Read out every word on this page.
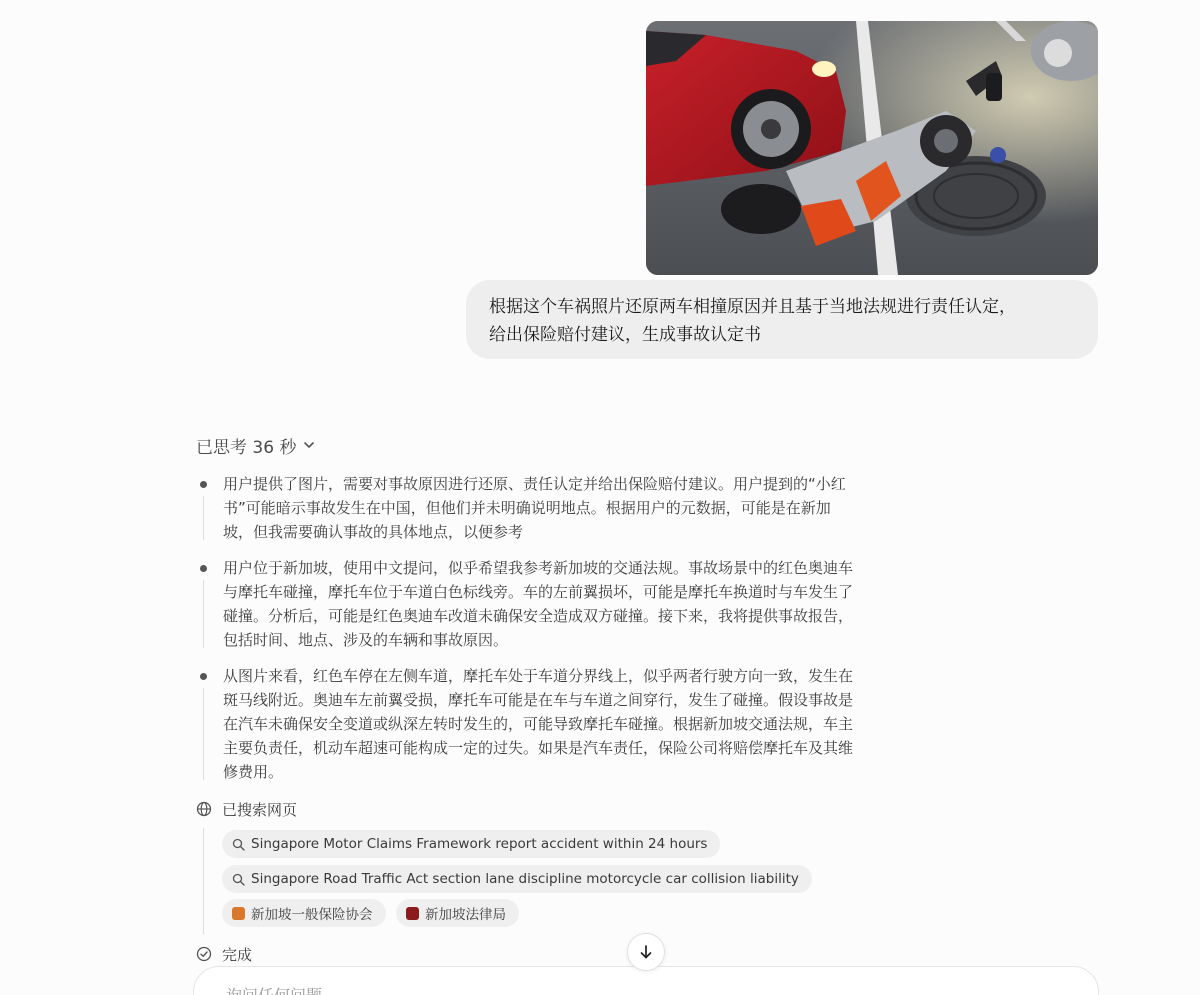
根据这个车祸照片还原两车相撞原因并且基于当地法规进行责任认定，
给出保险赔付建议，生成事故认定书
已思考 36 秒
用户提供了图片，需要对事故原因进行还原、责任认定并给出保险赔付建议。用户提到的“小红
书”可能暗示事故发生在中国，但他们并未明确说明地点。根据用户的元数据，可能是在新加
坡，但我需要确认事故的具体地点，以便参考
用户位于新加坡，使用中文提问，似乎希望我参考新加坡的交通法规。事故场景中的红色奥迪车
与摩托车碰撞，摩托车位于车道白色标线旁。车的左前翼损坏，可能是摩托车换道时与车发生了
碰撞。分析后，可能是红色奥迪车改道未确保安全造成双方碰撞。接下来，我将提供事故报告，
包括时间、地点、涉及的车辆和事故原因。
从图片来看，红色车停在左侧车道，摩托车处于车道分界线上，似乎两者行驶方向一致，发生在
斑马线附近。奥迪车左前翼受损，摩托车可能是在车与车道之间穿行，发生了碰撞。假设事故是
在汽车未确保安全变道或纵深左转时发生的，可能导致摩托车碰撞。根据新加坡交通法规，车主
主要负责任，机动车超速可能构成一定的过失。如果是汽车责任，保险公司将赔偿摩托车及其维
修费用。
已搜索网页
Singapore Motor Claims Framework report accident within 24 hours
Singapore Road Traffic Act section lane discipline motorcycle car collision liability
新加坡一般保险协会	新加坡法律局
完成
询问任何问题
